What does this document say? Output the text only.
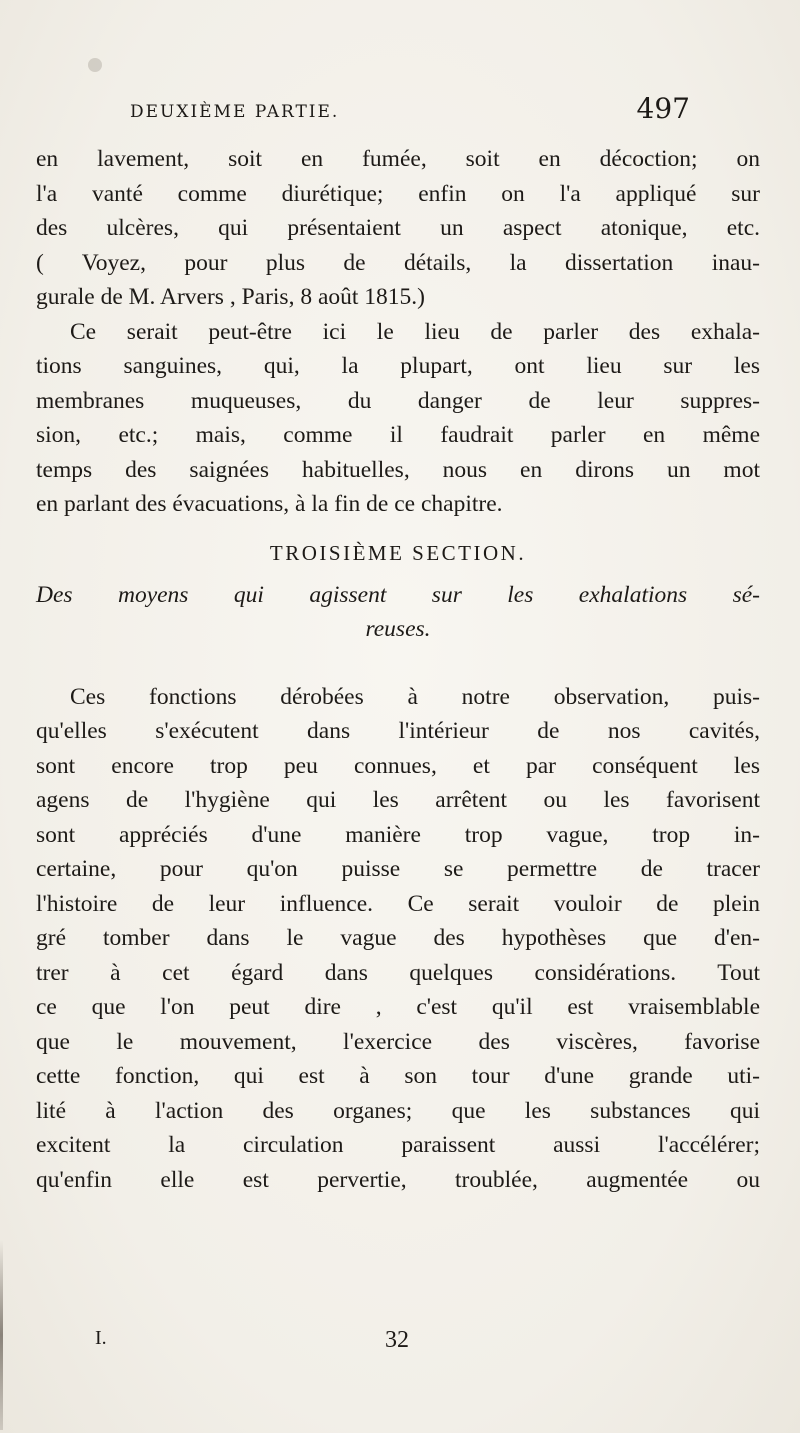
DEUXIÈME PARTIE.	497

en lavement, soit en fumée, soit en décoction; on
l'a vanté comme diurétique; enfin on l'a appliqué sur
des ulcères, qui présentaient un aspect atonique, etc.
( Voyez, pour plus de détails, la dissertation inau-
gurale de M. Arvers , Paris, 8 août 1815.)

Ce serait peut-être ici le lieu de parler des exhala-
tions sanguines, qui, la plupart, ont lieu sur les
membranes muqueuses, du danger de leur suppres-
sion, etc.; mais, comme il faudrait parler en même
temps des saignées habituelles, nous en dirons un mot
en parlant des évacuations, à la fin de ce chapitre.

TROISIÈME SECTION.

Des moyens qui agissent sur les exhalations sé-
reuses.

Ces fonctions dérobées à notre observation, puis-
qu'elles s'exécutent dans l'intérieur de nos cavités,
sont encore trop peu connues, et par conséquent les
agens de l'hygiène qui les arrêtent ou les favorisent
sont appréciés d'une manière trop vague, trop in-
certaine, pour qu'on puisse se permettre de tracer
l'histoire de leur influence. Ce serait vouloir de plein
gré tomber dans le vague des hypothèses que d'en-
trer à cet égard dans quelques considérations. Tout
ce que l'on peut dire , c'est qu'il est vraisemblable
que le mouvement, l'exercice des viscères, favorise
cette fonction, qui est à son tour d'une grande uti-
lité à l'action des organes; que les substances qui
excitent la circulation paraissent aussi l'accélérer;
qu'enfin elle est pervertie, troublée, augmentée ou

I.	32
